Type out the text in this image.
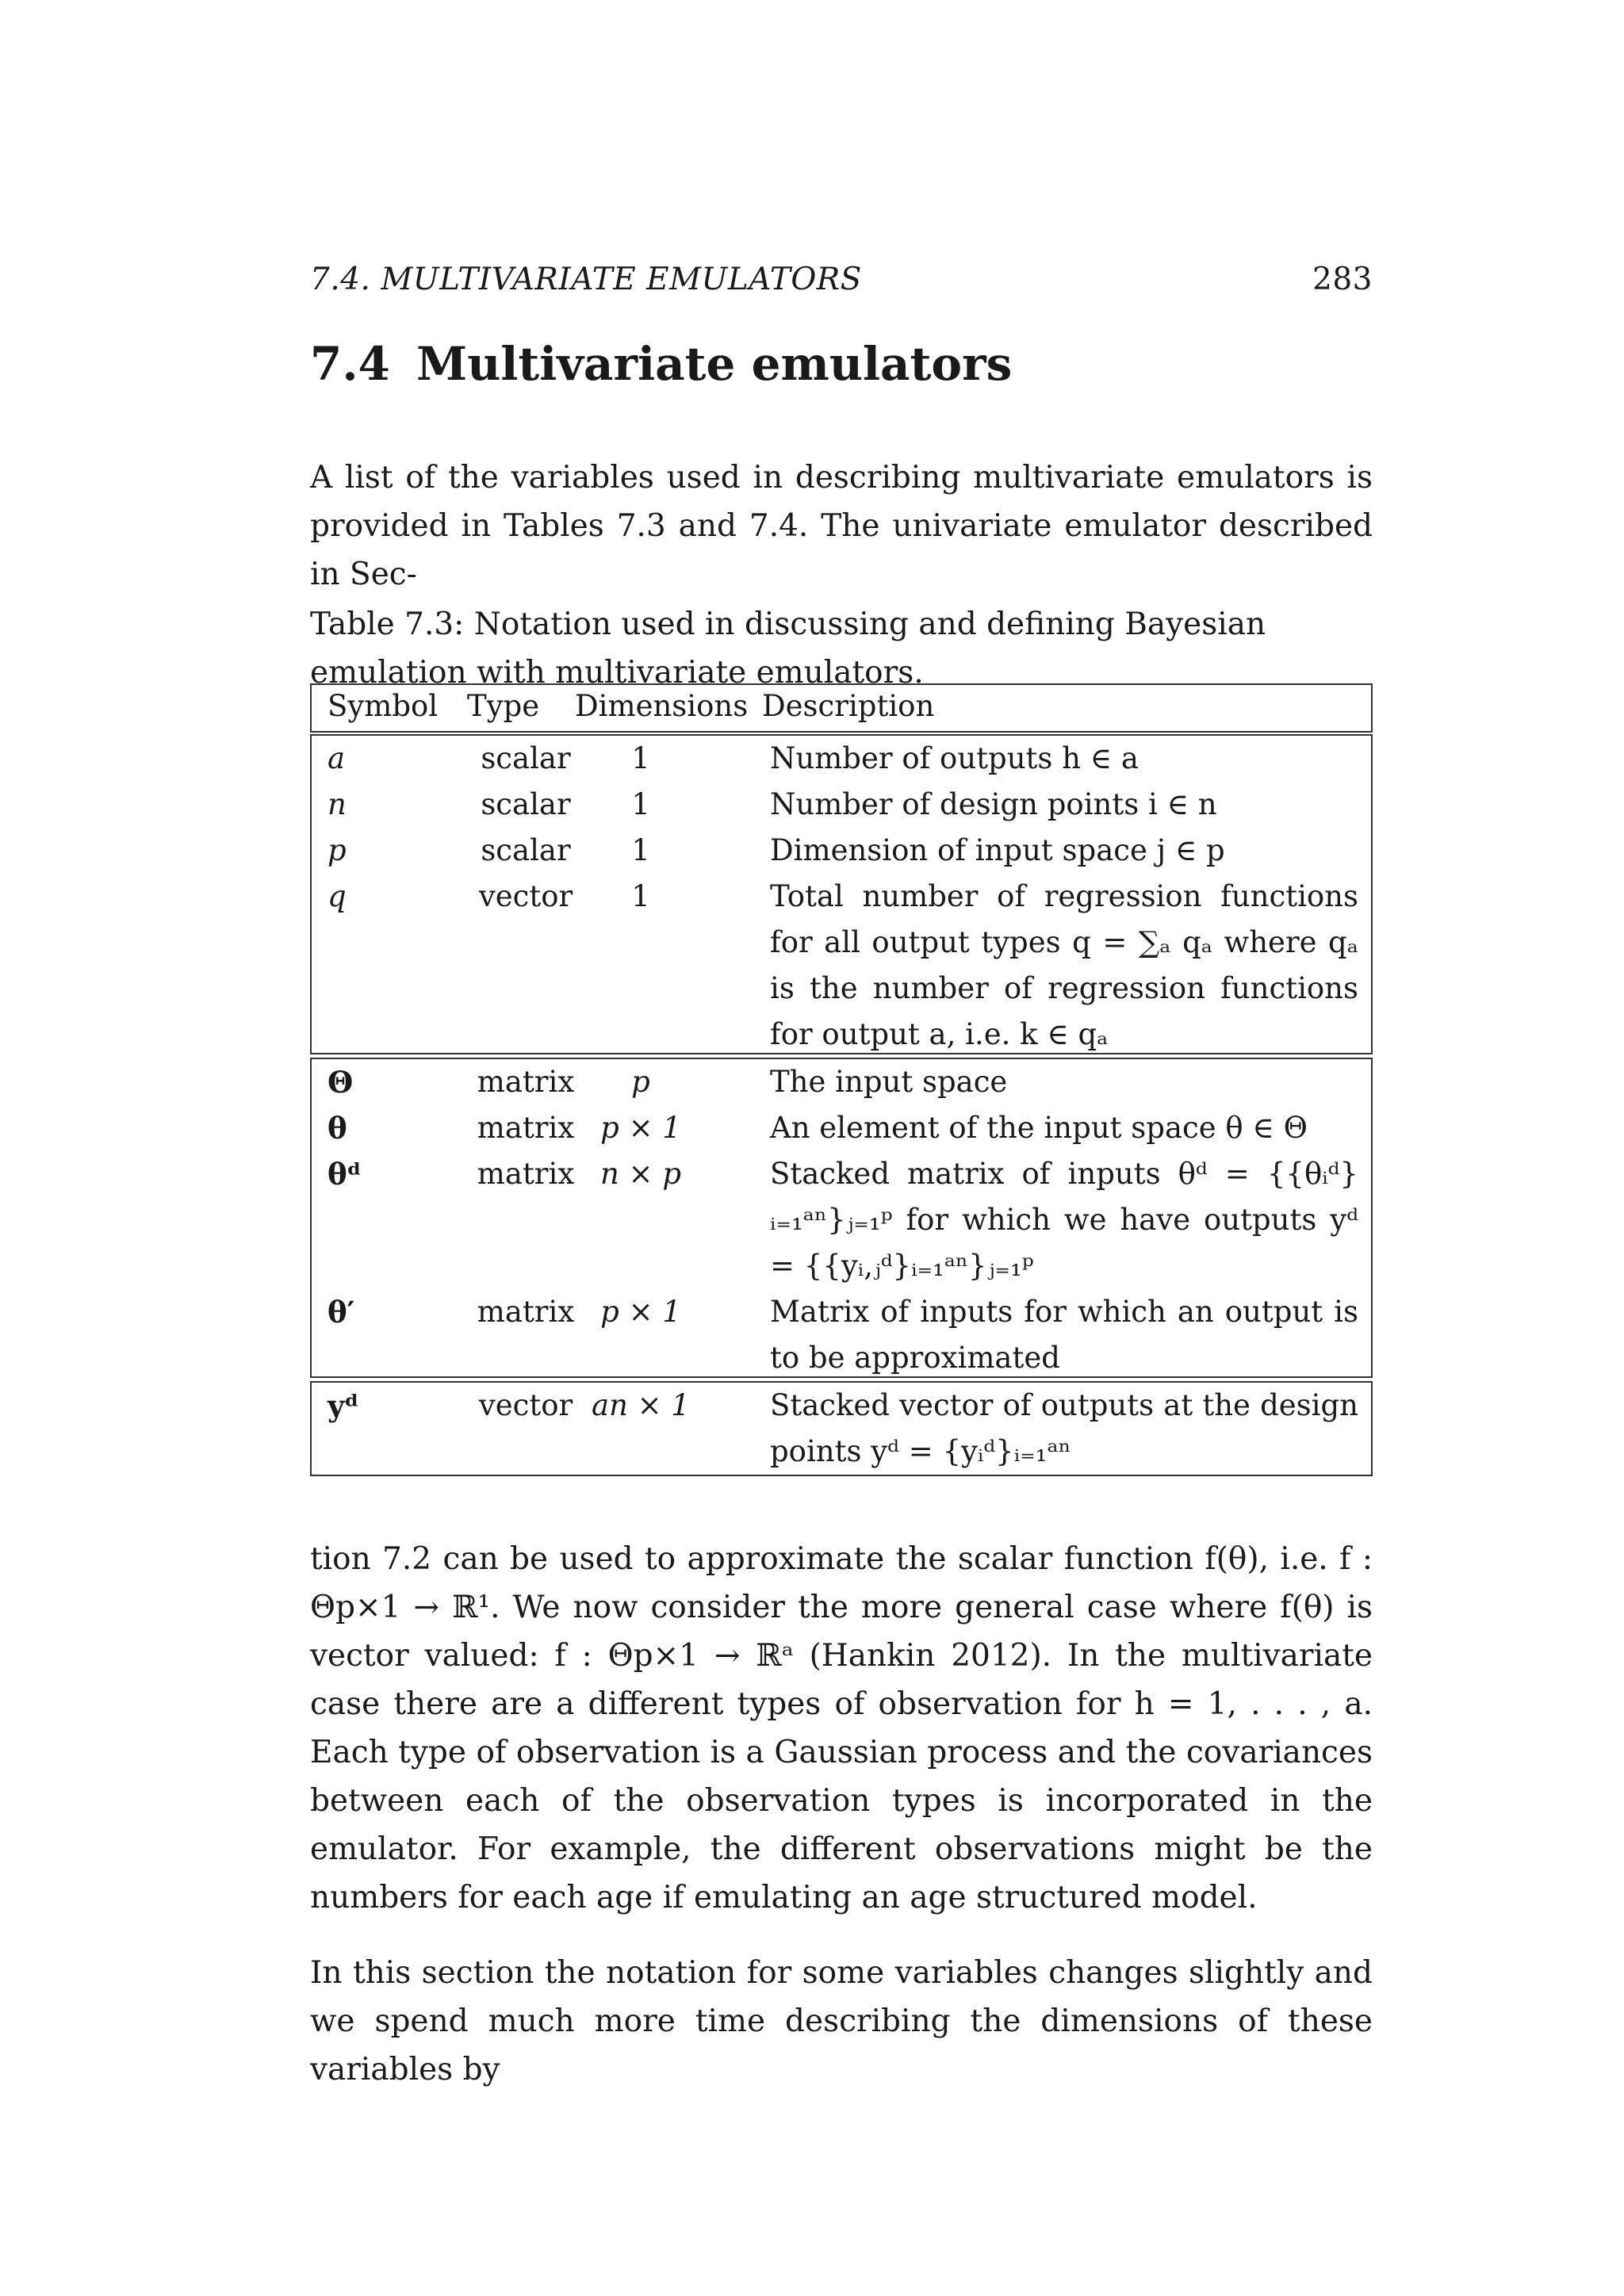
7.4. MULTIVARIATE EMULATORS	283
7.4 Multivariate emulators

A list of the variables used in describing multivariate emulators is provided in Tables 7.3 and 7.4. The univariate emulator described in Sec-

Table 7.3: Notation used in discussing and defining Bayesian emulation with multivariate emulators.
Symbol Type Dimensions Description
a	scalar	1	Number of outputs h ∈ a
n	scalar	1	Number of design points i ∈ n
p	scalar	1	Dimension of input space j ∈ p
q	vector	1	Total number of regression functions for all output types q = ∑ₐ qₐ where qₐ is the number of regression functions for output a, i.e. k ∈ qₐ
Θ	matrix	p	The input space
θ	matrix p × 1	An element of the input space θ ∈ Θ
θᵈ	matrix n × p	Stacked matrix of inputs θᵈ = {{θᵢᵈ}ᵢ₌₁ᵃⁿ}ⱼ₌₁ᵖ for which we have outputs yᵈ = {{yᵢ,ⱼᵈ}ᵢ₌₁ᵃⁿ}ⱼ₌₁ᵖ
θ′	matrix p × 1	Matrix of inputs for which an output is to be approximated
yᵈ	vector an × 1	Stacked vector of outputs at the design points yᵈ = {yᵢᵈ}ᵢ₌₁ᵃⁿ

tion 7.2 can be used to approximate the scalar function f(θ), i.e. f : Θp×1 → ℝ¹. We now consider the more general case where f(θ) is vector valued: f : Θp×1 → ℝᵃ (Hankin 2012). In the multivariate case there are a different types of observation for h = 1, . . . , a. Each type of observation is a Gaussian process and the covariances between each of the observation types is incorporated in the emulator. For example, the different observations might be the numbers for each age if emulating an age structured model.

In this section the notation for some variables changes slightly and we spend much more time describing the dimensions of these variables by
